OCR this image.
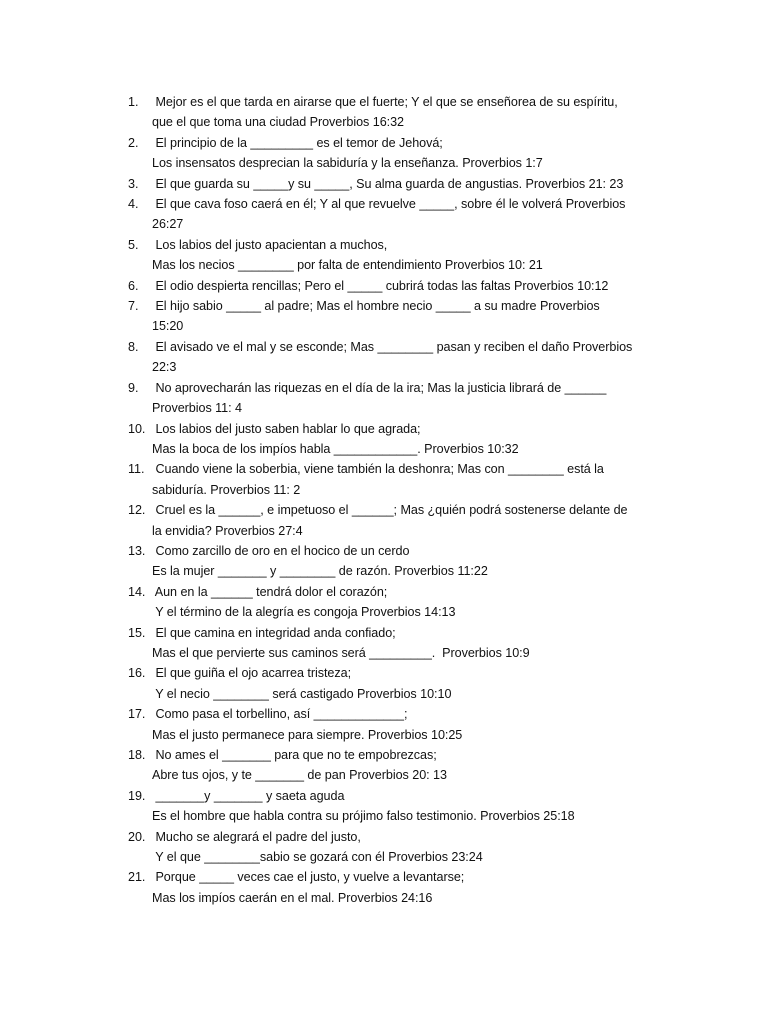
1.	Mejor es el que tarda en airarse que el fuerte; Y el que se enseñorea de su espíritu,
que el que toma una ciudad Proverbios 16:32
2.	El principio de la _________ es el temor de Jehová;
Los insensatos desprecian la sabiduría y la enseñanza. Proverbios 1:7
3.	El que guarda su _____y su _____, Su alma guarda de angustias. Proverbios 21: 23
4.	El que cava foso caerá en él; Y al que revuelve _____, sobre él le volverá Proverbios
26:27
5.	Los labios del justo apacientan a muchos,
Mas los necios ________ por falta de entendimiento Proverbios 10: 21
6.	El odio despierta rencillas; Pero el _____ cubrirá todas las faltas Proverbios 10:12
7.	El hijo sabio _____ al padre; Mas el hombre necio _____ a su madre Proverbios
15:20
8.	El avisado ve el mal y se esconde; Mas ________ pasan y reciben el daño Proverbios
22:3
9.	No aprovecharán las riquezas en el día de la ira; Mas la justicia librará de ______
Proverbios 11: 4
10. Los labios del justo saben hablar lo que agrada;
Mas la boca de los impíos habla ____________. Proverbios 10:32
11. Cuando viene la soberbia, viene también la deshonra; Mas con ________ está la
sabiduría. Proverbios 11: 2
12. Cruel es la ______, e impetuoso el ______; Mas ¿quién podrá sostenerse delante de
la envidia? Proverbios 27:4
13. Como zarcillo de oro en el hocico de un cerdo
Es la mujer _______ y ________ de razón. Proverbios 11:22
14. Aun en la ______ tendrá dolor el corazón;
Y el término de la alegría es congoja Proverbios 14:13
15. El que camina en integridad anda confiado;
Mas el que pervierte sus caminos será _________.  Proverbios 10:9
16. El que guiña el ojo acarrea tristeza;
Y el necio ________ será castigado Proverbios 10:10
17. Como pasa el torbellino, así _____________;
Mas el justo permanece para siempre. Proverbios 10:25
18. No ames el _______ para que no te empobrezcas;
Abre tus ojos, y te _______ de pan Proverbios 20: 13
19. _______y _______ y saeta aguda
Es el hombre que habla contra su prójimo falso testimonio. Proverbios 25:18
20. Mucho se alegrará el padre del justo,
Y el que ________sabio se gozará con él Proverbios 23:24
21. Porque _____ veces cae el justo, y vuelve a levantarse;
Mas los impíos caerán en el mal. Proverbios 24:16
